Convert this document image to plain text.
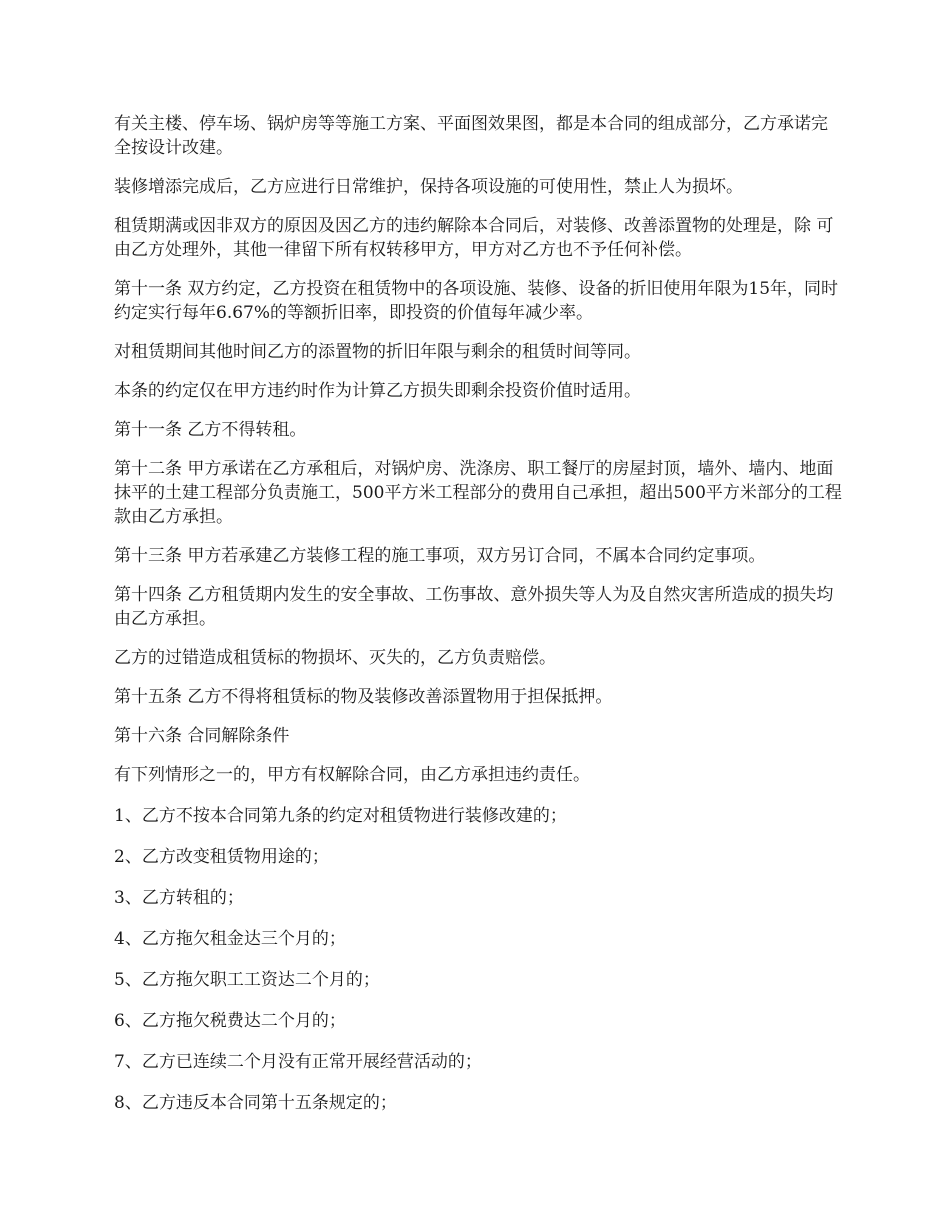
有关主楼、停车场、锅炉房等等施工方案、平面图效果图，都是本合同的组成部分，乙方承诺完全按设计改建。

装修增添完成后，乙方应进行日常维护，保持各项设施的可使用性，禁止人为损坏。

租赁期满或因非双方的原因及因乙方的违约解除本合同后，对装修、改善添置物的处理是，除 可由乙方处理外，其他一律留下所有权转移甲方，甲方对乙方也不予任何补偿。

第十一条 双方约定，乙方投资在租赁物中的各项设施、装修、设备的折旧使用年限为15年，同时约定实行每年6.67%的等额折旧率，即投资的价值每年减少率。

对租赁期间其他时间乙方的添置物的折旧年限与剩余的租赁时间等同。

本条的约定仅在甲方违约时作为计算乙方损失即剩余投资价值时适用。

第十一条 乙方不得转租。

第十二条 甲方承诺在乙方承租后，对锅炉房、洗涤房、职工餐厅的房屋封顶，墙外、墙内、地面抹平的土建工程部分负责施工，500平方米工程部分的费用自己承担，超出500平方米部分的工程款由乙方承担。

第十三条 甲方若承建乙方装修工程的施工事项，双方另订合同，不属本合同约定事项。

第十四条 乙方租赁期内发生的安全事故、工伤事故、意外损失等人为及自然灾害所造成的损失均由乙方承担。

乙方的过错造成租赁标的物损坏、灭失的，乙方负责赔偿。

第十五条 乙方不得将租赁标的物及装修改善添置物用于担保抵押。

第十六条 合同解除条件

有下列情形之一的，甲方有权解除合同，由乙方承担违约责任。

1、乙方不按本合同第九条的约定对租赁物进行装修改建的；

2、乙方改变租赁物用途的；

3、乙方转租的；

4、乙方拖欠租金达三个月的；

5、乙方拖欠职工工资达二个月的；

6、乙方拖欠税费达二个月的；

7、乙方已连续二个月没有正常开展经营活动的；

8、乙方违反本合同第十五条规定的；
